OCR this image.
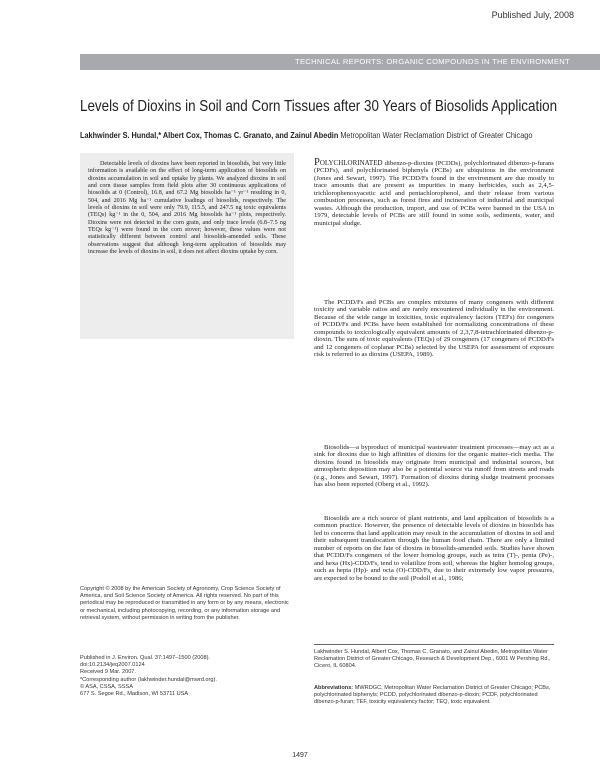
Published July, 2008
TECHNICAL REPORTS: ORGANIC COMPOUNDS IN THE ENVIRONMENT
Levels of Dioxins in Soil and Corn Tissues after 30 Years of Biosolids Application
Lakhwinder S. Hundal,* Albert Cox, Thomas C. Granato, and Zainul Abedin Metropolitan Water Reclamation District of Greater Chicago
Detectable levels of dioxins have been reported in biosolids, but very little information is available on the effect of long-term application of biosolids on dioxins accumulation in soil and uptake by plants. We analyzed dioxins in soil and corn tissue samples from field plots after 30 continuous applications of biosolids at 0 (Control), 16.8, and 67.2 Mg biosolids ha⁻¹ yr⁻¹ resulting in 0, 504, and 2016 Mg ha⁻¹ cumulative loadings of biosolids, respectively. The levels of dioxins in soil were only 79.9, 115.5, and 247.5 ng toxic equivalents (TEQs) kg⁻¹ in the 0, 504, and 2016 Mg biosolids ha⁻¹ plots, respectively. Dioxins were not detected in the corn grain, and only trace levels (6.8–7.5 ng TEQs kg⁻¹) were found in the corn stover; however, these values were not statistically different between control and biosolids-amended soils. These observations suggest that although long-term application of biosolids may increase the levels of dioxins in soil, it does not affect dioxins uptake by corn.
Polychlorinated dibenzo-p-dioxins (PCDDs), polychlorinated dibenzo-p-furans (PCDFs), and polychlorinated biphenyls (PCBs) are ubiquitous in the environment (Jones and Sewart, 1997). The PCDD/Fs found in the environment are due mostly to trace amounts that are present as impurities in many herbicides, such as 2,4,5-trichlorophenoxyacetic acid and pentachlorophenol, and their release from various combustion processes, such as forest fires and incineration of industrial and municipal wastes. Although the production, import, and use of PCBs were banned in the USA in 1979, detectable levels of PCBs are still found in some soils, sediments, water, and municipal sludge.
The PCDD/Fs and PCBs are complex mixtures of many congeners with different toxicity and variable ratios and are rarely encountered individually in the environment. Because of the wide range in toxicities, toxic equivalency factors (TEFs) for congeners of PCDD/Fs and PCBs have been established for normalizing concentrations of these compounds to toxicologically equivalent amounts of 2,3,7,8-tetrachlorinated dibenzo-p-dioxin. The sum of toxic equivalents (TEQs) of 29 congeners (17 congeners of PCDD/Fs and 12 congeners of coplanar PCBs) selected by the USEPA for assessment of exposure risk is referred to as dioxins (USEPA, 1989).
Biosolids—a byproduct of municipal wastewater treatment processes—may act as a sink for dioxins due to high affinities of dioxins for the organic matter–rich media. The dioxins found in biosolids may originate from municipal and industrial sources, but atmospheric deposition may also be a potential source via runoff from streets and roads (e.g., Jones and Sewart, 1997). Formation of dioxins during sludge treatment processes has also been reported (Oberg et al., 1992).
Biosolids are a rich source of plant nutrients, and land application of biosolids is a common practice. However, the presence of detectable levels of dioxins in biosolids has led to concerns that land application may result in the accumulation of dioxins in soil and their subsequent translocation through the human food chain. There are only a limited number of reports on the fate of dioxins in biosolids-amended soils. Studies have shown that PCDD/Fs congeners of the lower homolog groups, such as tetra (T)-, penta (Pe)-, and hexa (Hx)-CDD/Fs, tend to volatilize from soil, whereas the higher homolog groups, such as hepta (Hp)- and octa (O)-CDD/Fs, due to their extremely low vapor pressures, are expected to be bound to the soil (Podoll et al., 1986;
Copyright © 2008 by the American Society of Agronomy, Crop Science Society of America, and Soil Science Society of America. All rights reserved. No part of this periodical may be reproduced or transmitted in any form or by any means, electronic or mechanical, including photocopying, recording, or any information storage and retrieval system, without permission in writing from the publisher.
Published in J. Environ. Qual. 37:1497–1500 (2008).
doi:10.2134/jeq2007.0124
Received 9 Mar. 2007.
*Corresponding author (lakhwinder.hundal@mwrd.org).
© ASA, CSSA, SSSA
677 S. Segoe Rd., Madison, WI 53711 USA
Lakhwinder S. Hundal, Albert Cox, Thomas C. Granato, and Zainul Abedin, Metropolitan Water Reclamation District of Greater Chicago, Research & Development Dep., 6001 W Pershing Rd., Cicero, IL 60804.
Abbreviations: MWRDGC, Metropolitan Water Reclamation District of Greater Chicago; PCBs, polychlorinated biphenyls; PCDD, polychlorinated dibenzo-p-dioxin; PCDF, polychlorinated dibenzo-p-furan; TEF, toxicity equivalency factor; TEQ, toxic equivalent.
1497
